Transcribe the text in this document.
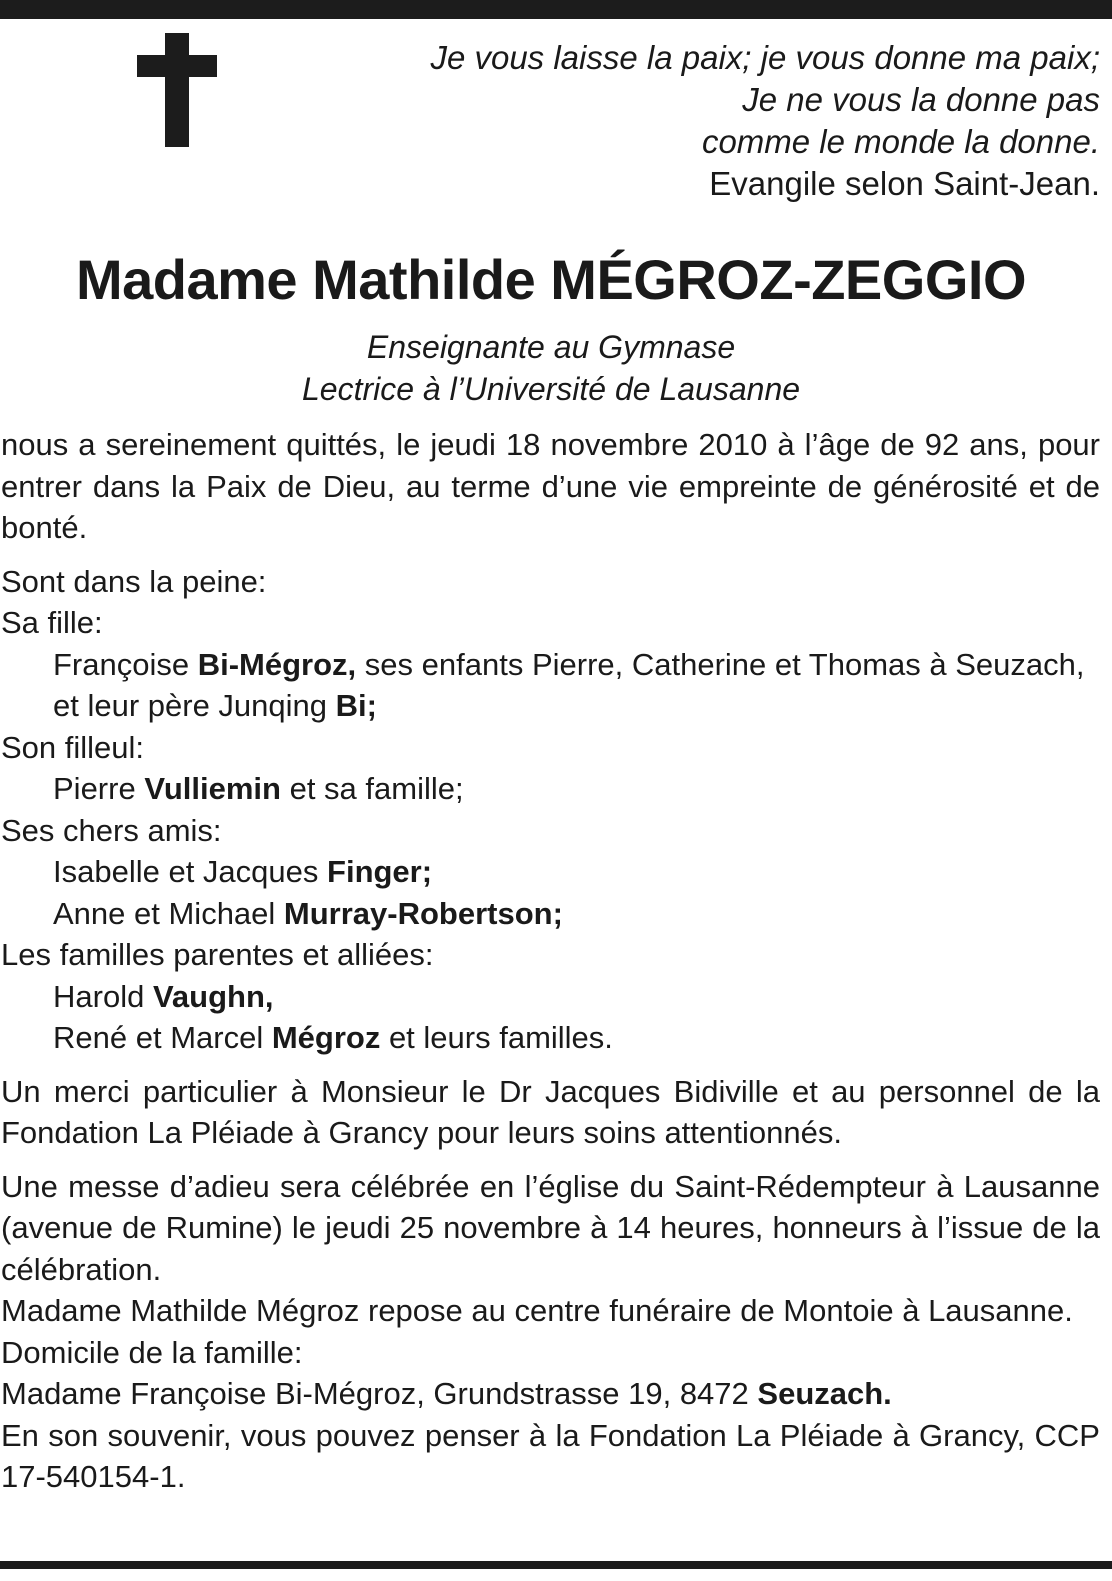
Je vous laisse la paix; je vous donne ma paix;
Je ne vous la donne pas
comme le monde la donne.
Evangile selon Saint-Jean.
Madame Mathilde MÉGROZ-ZEGGIO
Enseignante au Gymnase
Lectrice à l’Université de Lausanne

nous a sereinement quittés, le jeudi 18 novembre 2010 à l’âge de 92 ans, pour entrer dans la Paix de Dieu, au terme d’une vie empreinte de générosité et de bonté.

Sont dans la peine:
Sa fille:
Françoise Bi-Mégroz, ses enfants Pierre, Catherine et Thomas à Seuzach,
et leur père Junqing Bi;
Son filleul:
Pierre Vulliemin et sa famille;
Ses chers amis:
Isabelle et Jacques Finger;
Anne et Michael Murray-Robertson;
Les familles parentes et alliées:
Harold Vaughn,
René et Marcel Mégroz et leurs familles.

Un merci particulier à Monsieur le Dr Jacques Bidiville et au personnel de la Fondation La Pléiade à Grancy pour leurs soins attentionnés.

Une messe d’adieu sera célébrée en l’église du Saint-Rédempteur à Lausanne (avenue de Rumine) le jeudi 25 novembre à 14 heures, honneurs à l’issue de la célébration.

Madame Mathilde Mégroz repose au centre funéraire de Montoie à Lausanne.

Domicile de la famille:
Madame Françoise Bi-Mégroz, Grundstrasse 19, 8472 Seuzach.

En son souvenir, vous pouvez penser à la Fondation La Pléiade à Grancy, CCP 17-540154-1.
